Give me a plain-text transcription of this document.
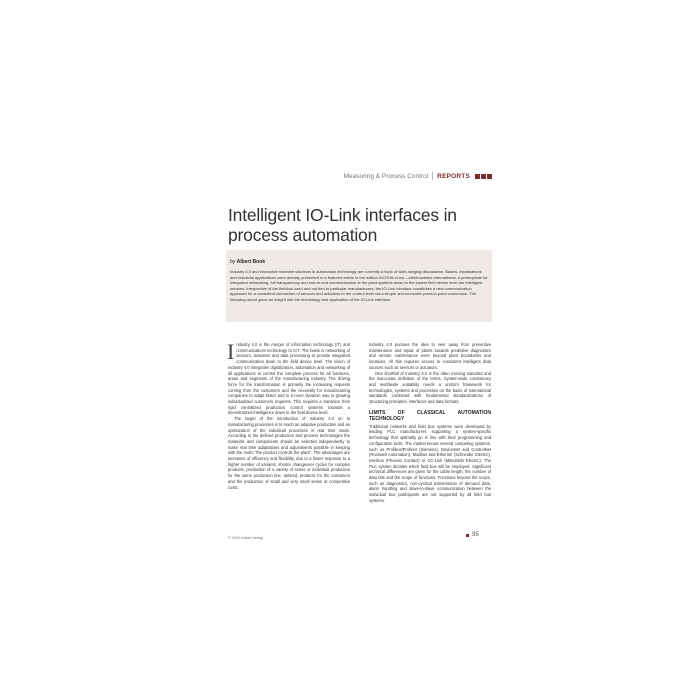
Measuring & Process Control REPORTS
Intelligent IO-Link interfaces in process automation
by Albert Book
Industry 4.0 and innovative machine solutions in automation technology are currently a topic of wide-ranging discussions. Basics, explanations and industrial applications were already presented in a featured article in the edition 02/2016 of ew – elektrowärme international. A prerequisite for integrated networking, full transparency and end-to-end communication of the plant systems down to the lowest field device level are intelligent sensors. Irrespective of the fieldbus used and not tied to particular manufacturers, the IO-Link interface constitutes a new communication approach for a consistent connection of sensors and actuators to the control level via a simple and economic point-to-point connection. The following report gives an insight into the technology and application of the IO-Link interface.

Industry 4.0 is the merger of information technology (IT) and communications technology to ICT. The basis is networking of sensors, actuators and data processing to provide integrated communication down to the field device level. The vision of Industry 4.0 integrates digitalization, automation and networking of all applications to control the complete process for all functions, areas and segments of the manufacturing industry. The driving force for the transformation is primarily the increasing requests coming from the customers and the necessity for manufacturing companies to adapt faster and in a more dynamic way to growing individualized customers requests. This requires a transition from rigid centralized production control systems towards a decentralized intelligence down to the field device level.

The target of the introduction of Industry 4.0 on to manufacturing processes is to reach an adaptive production and an optimization of the individual processes in real time mode. According to the defined production and process technologies the materials and components should be selected independently to make real time adaptations and adjustments possible in keeping with the motto "the product controls the plant". The advantages are increases of efficiency and flexibility, due to a faster response to a higher number of variants, shorter changeover cycles for complex products, production of a variety of series or individual production for the same production line, tailored, products for the customers and the production of small and very small series at competitive costs.

Industry 4.0 pursues the idea to veer away from preventive maintenance and repair of plants towards predictive diagnostics and remote maintenance even beyond plant boundaries and locations. All this requires access to consistent intelligent data sources such as sensors or actuators.

One shortfall of Industry 4.0 is the often missing standard and the inaccurate definition of the terms. System-wide consistency and worldwide suitability needs a uniform framework for technologies, systems and processes on the basis of international standards combined with fundamental standardizations of structuring principles, interfaces and data formats.

LIMITS OF CLASSICAL AUTOMATION TECHNOLOGY

Traditional networks and field bus systems were developed by leading PLC manufacturers supporting a system-specific technology that optimally go in line with their programming and configuration tools. The market knows several competing systems, such as Profibus/Profinet (Siemens), DeviceNet and ControlNet (Rockwell Automation), Modbus and Ethernet (Schneider Electric), Interbus (Phoenix Contact) or CC-Link (Mitsubishi Electric). The PLC system dictates which field bus will be employed. Significant technical differences are given for the cable length, the number of data bits and the scope of functions. Functions beyond the scope, such as diagnostics, non-cyclical transmission of demand data, alarm handling and slave-to-slave communication between the individual bus participants are not supported by all field bus systems.

© 2016 Vulkan-Verlag	95
